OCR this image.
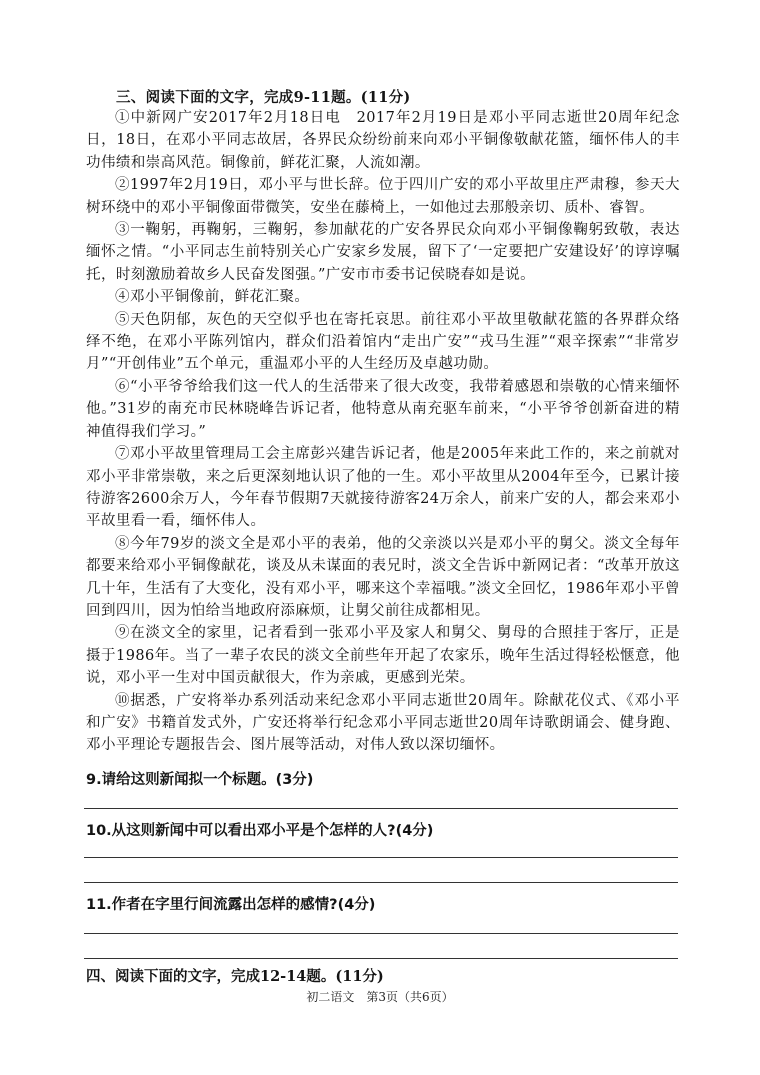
三、阅读下面的文字，完成9-11题。(11分)

①中新网广安2017年2月18日电　2017年2月19日是邓小平同志逝世20周年纪念日，18日，在邓小平同志故居，各界民众纷纷前来向邓小平铜像敬献花篮，缅怀伟人的丰功伟绩和崇高风范。铜像前，鲜花汇聚，人流如潮。

②1997年2月19日，邓小平与世长辞。位于四川广安的邓小平故里庄严肃穆，参天大树环绕中的邓小平铜像面带微笑，安坐在藤椅上，一如他过去那般亲切、质朴、睿智。

③一鞠躬，再鞠躬，三鞠躬，参加献花的广安各界民众向邓小平铜像鞠躬致敬，表达缅怀之情。“小平同志生前特别关心广安家乡发展，留下了‘一定要把广安建设好’的谆谆嘱托，时刻激励着故乡人民奋发图强。”广安市市委书记侯晓春如是说。

④邓小平铜像前，鲜花汇聚。

⑤天色阴郁，灰色的天空似乎也在寄托哀思。前往邓小平故里敬献花篮的各界群众络绎不绝，在邓小平陈列馆内，群众们沿着馆内“走出广安”“戎马生涯”“艰辛探索”“非常岁月”“开创伟业”五个单元，重温邓小平的人生经历及卓越功勋。

⑥“小平爷爷给我们这一代人的生活带来了很大改变，我带着感恩和崇敬的心情来缅怀他。”31岁的南充市民林晓峰告诉记者，他特意从南充驱车前来，“小平爷爷创新奋进的精神值得我们学习。”

⑦邓小平故里管理局工会主席彭兴建告诉记者，他是2005年来此工作的，来之前就对邓小平非常崇敬，来之后更深刻地认识了他的一生。邓小平故里从2004年至今，已累计接待游客2600余万人，今年春节假期7天就接待游客24万余人，前来广安的人，都会来邓小平故里看一看，缅怀伟人。

⑧今年79岁的淡文全是邓小平的表弟，他的父亲淡以兴是邓小平的舅父。淡文全每年都要来给邓小平铜像献花，谈及从未谋面的表兄时，淡文全告诉中新网记者：“改革开放这几十年，生活有了大变化，没有邓小平，哪来这个幸福哦。”淡文全回忆，1986年邓小平曾回到四川，因为怕给当地政府添麻烦，让舅父前往成都相见。

⑨在淡文全的家里，记者看到一张邓小平及家人和舅父、舅母的合照挂于客厅，正是摄于1986年。当了一辈子农民的淡文全前些年开起了农家乐，晚年生活过得轻松惬意，他说，邓小平一生对中国贡献很大，作为亲戚，更感到光荣。

⑩据悉，广安将举办系列活动来纪念邓小平同志逝世20周年。除献花仪式、《邓小平和广安》书籍首发式外，广安还将举行纪念邓小平同志逝世20周年诗歌朗诵会、健身跑、邓小平理论专题报告会、图片展等活动，对伟人致以深切缅怀。

9.请给这则新闻拟一个标题。(3分)
10.从这则新闻中可以看出邓小平是个怎样的人?(4分)
11.作者在字里行间流露出怎样的感情?(4分)
四、阅读下面的文字，完成12-14题。(11分)
初二语文　第3页（共6页）
